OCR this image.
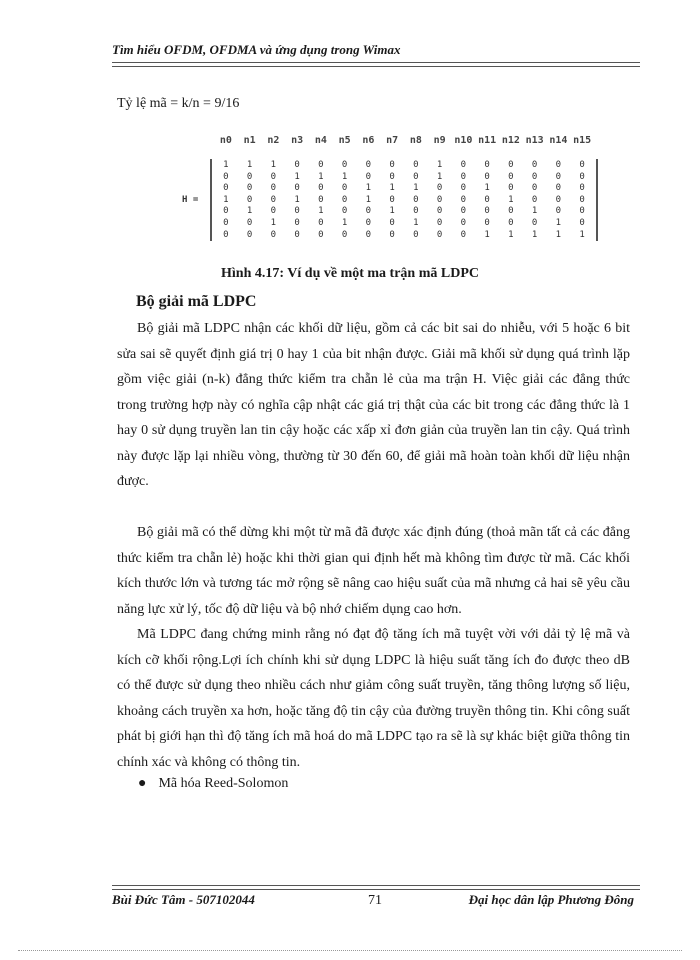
Tìm hiểu OFDM, OFDMA và ứng dụng trong Wimax
Tỷ lệ mã = k/n = 9/16
n0	n1	n2	n3	n4	n5	n6	n7	n8	n9 n10 n11 n12 n13 n14 n15
H =
1	1	1	0	0	0	0	0	0	1	0	0	0	0	0	0
0	0	0	1	1	1	0	0	0	1	0	0	0	0	0	0
0	0	0	0	0	0	1	1	1	0	0	1	0	0	0	0
1	0	0	1	0	0	1	0	0	0	0	0	1	0	0	0
0	1	0	0	1	0	0	1	0	0	0	0	0	1	0	0
0	0	1	0	0	1	0	0	1	0	0	0	0	0	1	0
0	0	0	0	0	0	0	0	0	0	0	1	1	1	1	1
Hình 4.17: Ví dụ về một ma trận mã LDPC
Bộ giải mã LDPC

Bộ giải mã LDPC nhận các khối dữ liệu, gồm cả các bit sai do nhiễu, với 5 hoặc 6 bit sửa sai sẽ quyết định giá trị 0 hay 1 của bit nhận được. Giải mã khối sử dụng quá trình lặp gồm việc giải (n-k) đẳng thức kiểm tra chẵn lẻ của ma trận H. Việc giải các đẳng thức trong trường hợp này có nghĩa cập nhật các giá trị thật của các bit trong các đẳng thức là 1 hay 0 sử dụng truyền lan tin cậy hoặc các xấp xỉ đơn giản của truyền lan tin cậy. Quá trình này được lặp lại nhiều vòng, thường từ 30 đến 60, để giải mã hoàn toàn khối dữ liệu nhận được.

Bộ giải mã có thể dừng khi một từ mã đã được xác định đúng (thoả mãn tất cả các đẳng thức kiểm tra chẵn lẻ) hoặc khi thời gian qui định hết mà không tìm được từ mã. Các khối kích thước lớn và tương tác mở rộng sẽ nâng cao hiệu suất của mã nhưng cả hai sẽ yêu cầu năng lực xử lý, tốc độ dữ liệu và bộ nhớ chiếm dụng cao hơn.

Mã LDPC đang chứng minh rằng nó đạt độ tăng ích mã tuyệt vời với dải tỷ lệ mã và kích cỡ khối rộng.Lợi ích chính khi sử dụng LDPC là hiệu suất tăng ích đo được theo dB có thể được sử dụng theo nhiều cách như giảm công suất truyền, tăng thông lượng số liệu, khoảng cách truyền xa hơn, hoặc tăng độ tin cậy của đường truyền thông tin. Khi công suất phát bị giới hạn thì độ tăng ích mã hoá do mã LDPC tạo ra sẽ là sự khác biệt giữa thông tin chính xác và không có thông tin.

● Mã hóa Reed-Solomon
Bùi Đức Tâm - 507102044	71	Đại học dân lập Phương Đông
